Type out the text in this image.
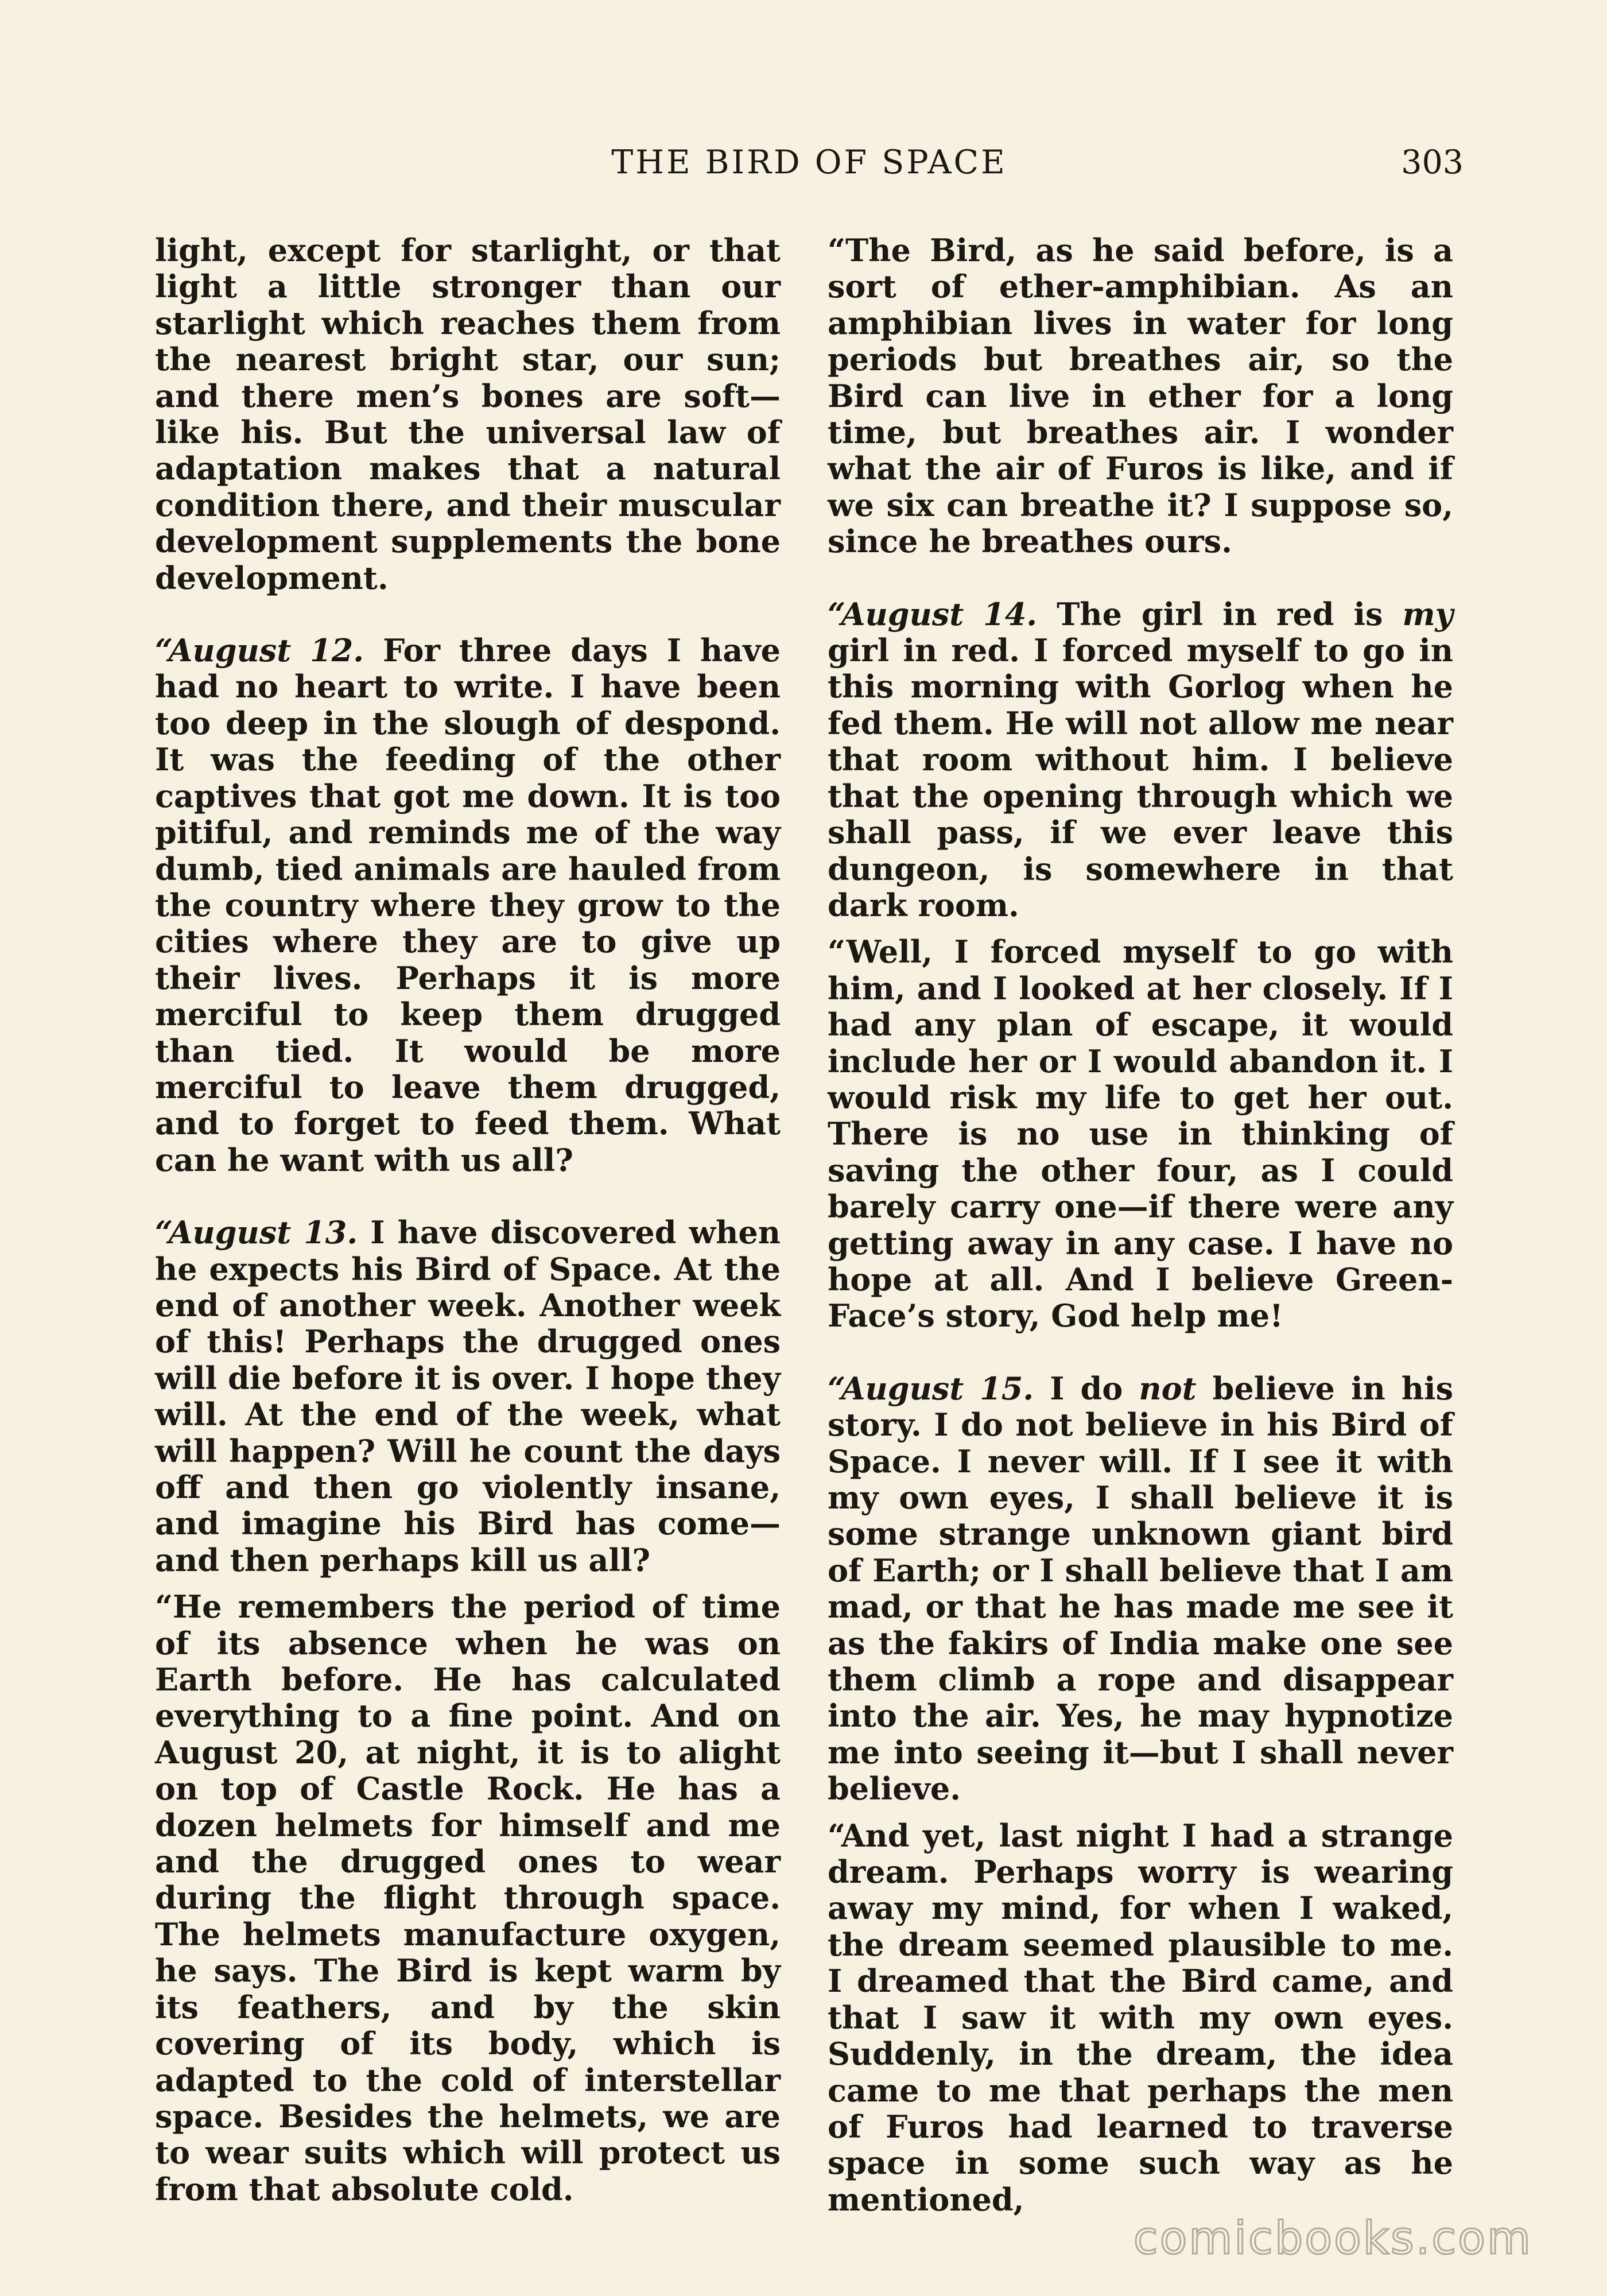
THE BIRD OF SPACE	303

light, except for starlight, or that light a little stronger than our starlight which reaches them from the nearest bright star, our sun; and there men’s bones are soft—like his. But the universal law of adaptation makes that a natural condition there, and their muscular development supplements the bone development.

“August 12. For three days I have had no heart to write. I have been too deep in the slough of despond. It was the feeding of the other captives that got me down. It is too pitiful, and reminds me of the way dumb, tied animals are hauled from the country where they grow to the cities where they are to give up their lives. Perhaps it is more merciful to keep them drugged than tied. It would be more merciful to leave them drugged, and to forget to feed them. What can he want with us all?

“August 13. I have discovered when he expects his Bird of Space. At the end of another week. Another week of this! Perhaps the drugged ones will die before it is over. I hope they will. At the end of the week, what will happen? Will he count the days off and then go violently insane, and imagine his Bird has come—and then perhaps kill us all?

“He remembers the period of time of its absence when he was on Earth before. He has calculated everything to a fine point. And on August 20, at night, it is to alight on top of Castle Rock. He has a dozen helmets for himself and me and the drugged ones to wear during the flight through space. The helmets manufacture oxygen, he says. The Bird is kept warm by its feathers, and by the skin covering of its body, which is adapted to the cold of interstellar space. Besides the helmets, we are to wear suits which will protect us from that absolute cold.

“The Bird, as he said before, is a sort of ether-amphibian. As an amphibian lives in water for long periods but breathes air, so the Bird can live in ether for a long time, but breathes air. I wonder what the air of Furos is like, and if we six can breathe it? I suppose so, since he breathes ours.

“August 14. The girl in red is my girl in red. I forced myself to go in this morning with Gorlog when he fed them. He will not allow me near that room without him. I believe that the opening through which we shall pass, if we ever leave this dungeon, is somewhere in that dark room.

“Well, I forced myself to go with him, and I looked at her closely. If I had any plan of escape, it would include her or I would abandon it. I would risk my life to get her out. There is no use in thinking of saving the other four, as I could barely carry one—if there were any getting away in any case. I have no hope at all. And I believe Green-Face’s story, God help me!

“August 15. I do not believe in his story. I do not believe in his Bird of Space. I never will. If I see it with my own eyes, I shall believe it is some strange unknown giant bird of Earth; or I shall believe that I am mad, or that he has made me see it as the fakirs of India make one see them climb a rope and disappear into the air. Yes, he may hypnotize me into seeing it—but I shall never believe.

“And yet, last night I had a strange dream. Perhaps worry is wearing away my mind, for when I waked, the dream seemed plausible to me. I dreamed that the Bird came, and that I saw it with my own eyes. Suddenly, in the dream, the idea came to me that perhaps the men of Furos had learned to traverse space in some such way as he mentioned,

comicbooks.com
